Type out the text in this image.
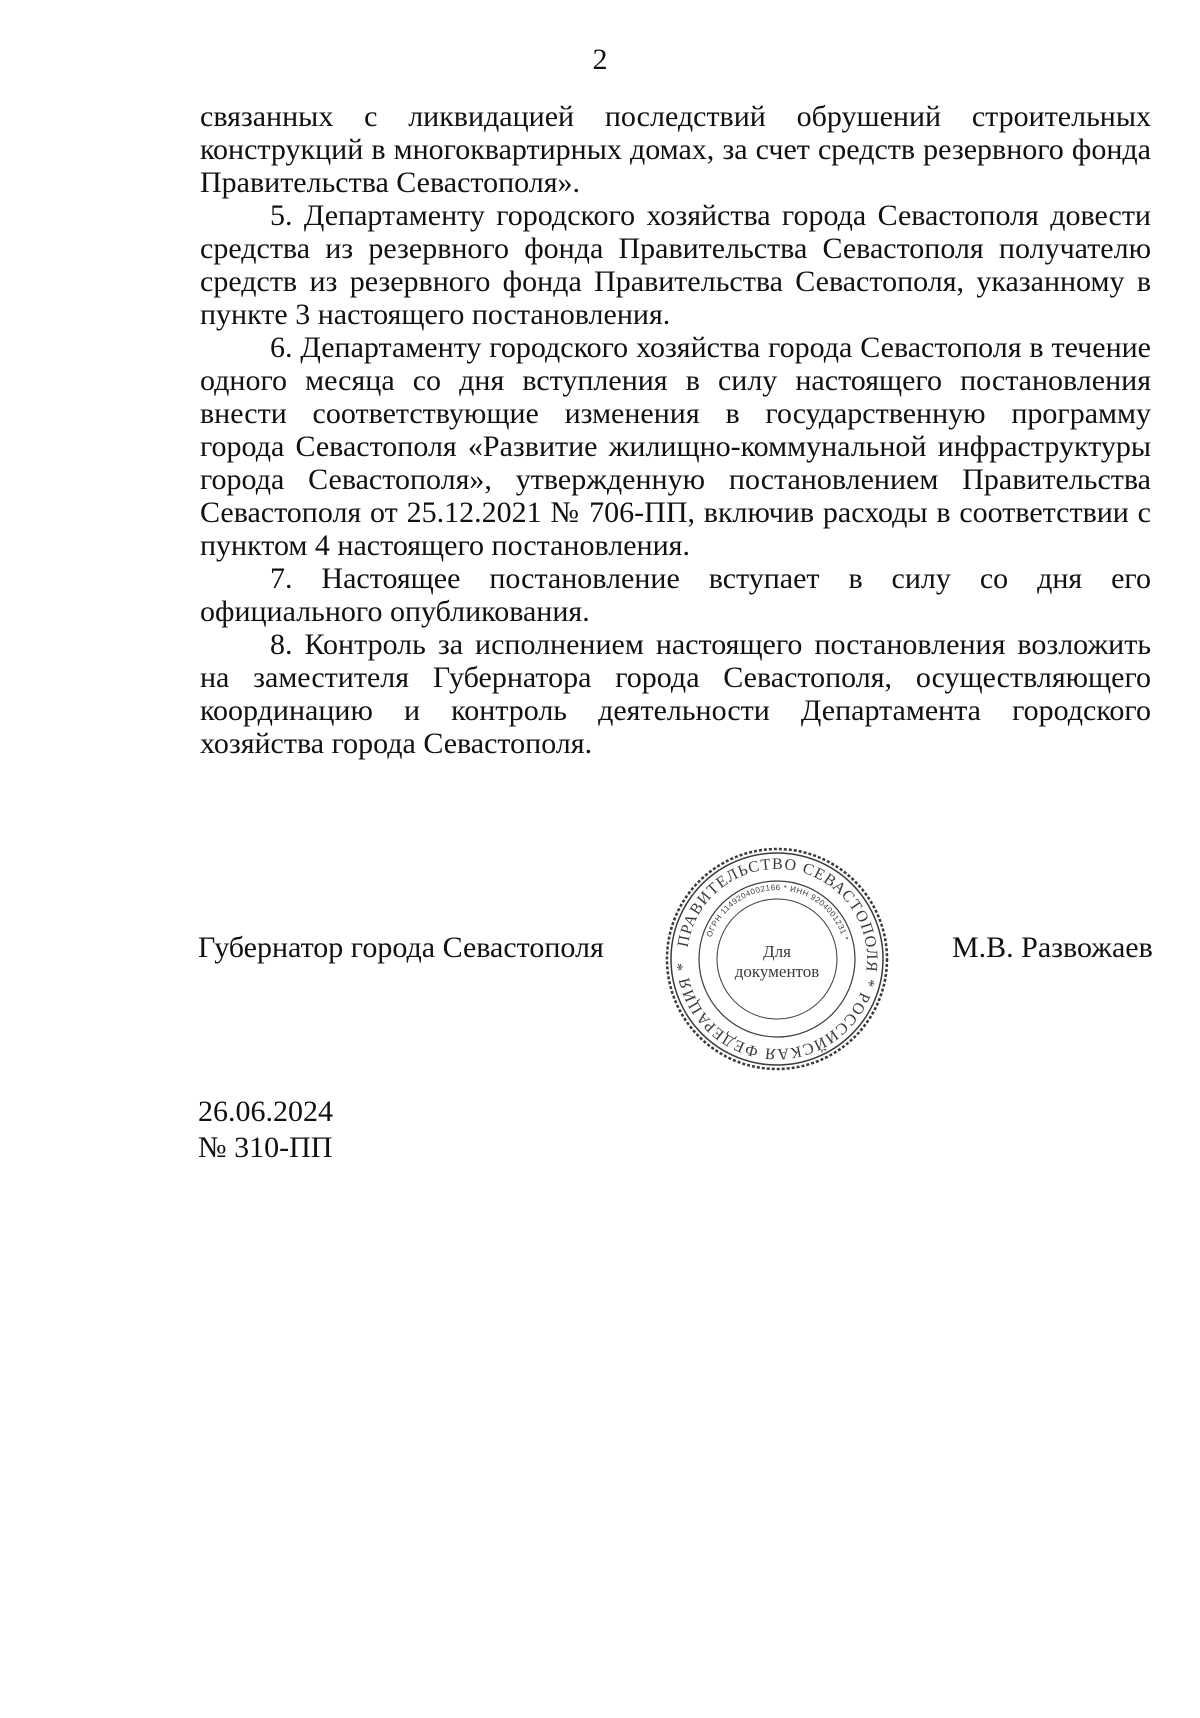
2

связанных с ликвидацией последствий обрушений строительных конструкций в многоквартирных домах, за счет средств резервного фонда Правительства Севастополя».

5. Департаменту городского хозяйства города Севастополя довести средства из резервного фонда Правительства Севастополя получателю средств из резервного фонда Правительства Севастополя, указанному в пункте 3 настоящего постановления.

6. Департаменту городского хозяйства города Севастополя в течение одного месяца со дня вступления в силу настоящего постановления внести соответствующие изменения в государственную программу города Севастополя «Развитие жилищно-коммунальной инфраструктуры города Севастополя», утвержденную постановлением Правительства Севастополя от 25.12.2021 № 706-ПП, включив расходы в соответствии с пунктом 4 настоящего постановления.

7. Настоящее постановление вступает в силу со дня его официального опубликования.

8. Контроль за исполнением настоящего постановления возложить на заместителя Губернатора города Севастополя, осуществляющего координацию и контроль деятельности Департамента городского хозяйства города Севастополя.

Губернатор города Севастополя	ПРАВИТЕЛЬСТВО СЕВАСТОПОЛЯ * РОССИЙСКАЯ ФЕДЕРАЦИЯ *
ОГРН 1149204002166 * ИНН 9204001231 *
Для
документов
М.В. Развожаев
26.06.2024
№ 310-ПП
